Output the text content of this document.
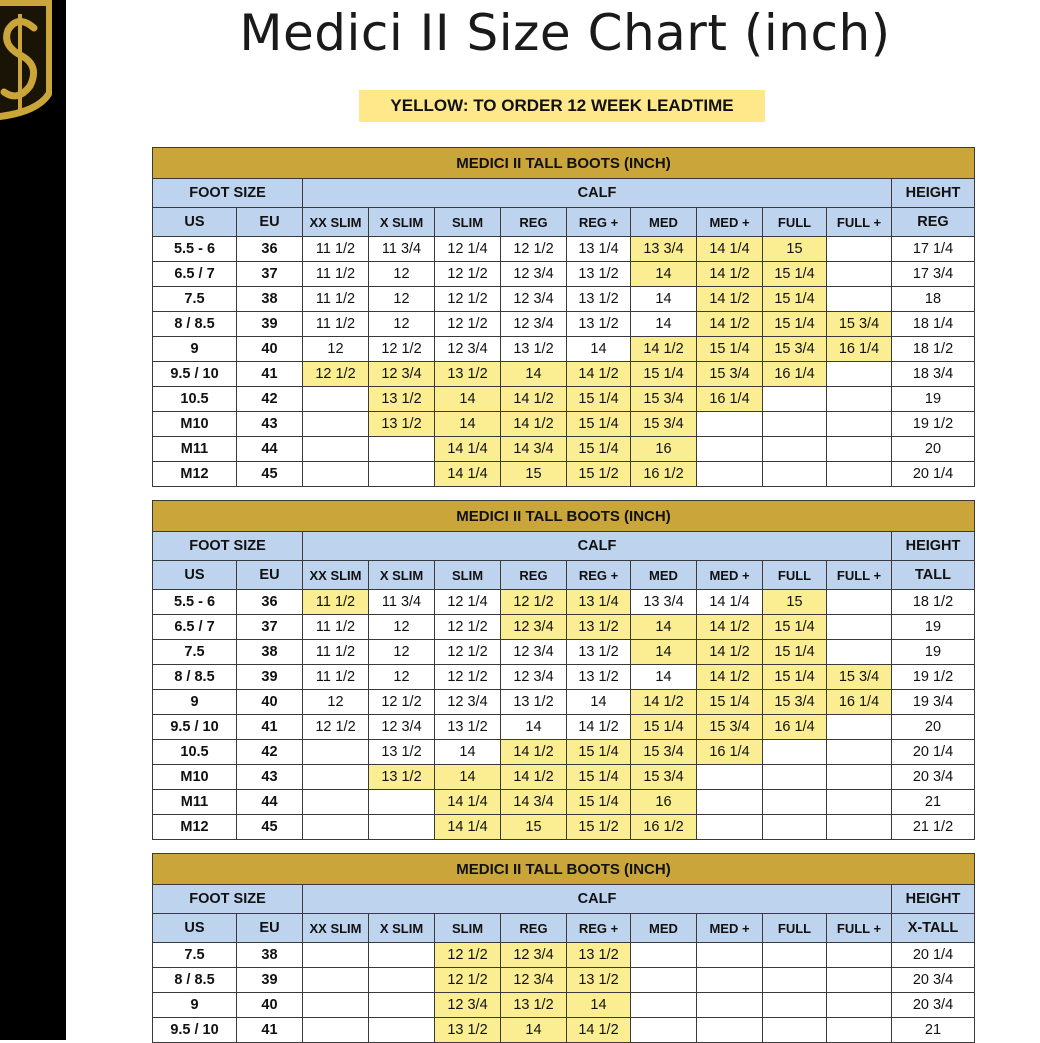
Medici II Size Chart (inch)
YELLOW: TO ORDER 12 WEEK LEADTIME
MEDICI II TALL BOOTS (INCH)											
FOOT SIZE		CALF									HEIGHT
US	EU	XX SLIM	X SLIM	SLIM	REG	REG +	MED	MED +	FULL	FULL +	REG
5.5 - 6	36	11 1/2	11 3/4	12 1/4	12 1/2	13 1/4	13 3/4	14 1/4	15		17 1/4
6.5 / 7	37	11 1/2	12	12 1/2	12 3/4	13 1/2	14	14 1/2	15 1/4		17 3/4
7.5	38	11 1/2	12	12 1/2	12 3/4	13 1/2	14	14 1/2	15 1/4		18
8 / 8.5	39	11 1/2	12	12 1/2	12 3/4	13 1/2	14	14 1/2	15 1/4	15 3/4	18 1/4
9	40	12	12 1/2	12 3/4	13 1/2	14	14 1/2	15 1/4	15 3/4	16 1/4	18 1/2
9.5 / 10	41	12 1/2	12 3/4	13 1/2	14	14 1/2	15 1/4	15 3/4	16 1/4		18 3/4
10.5	42		13 1/2	14	14 1/2	15 1/4	15 3/4	16 1/4			19
M10	43		13 1/2	14	14 1/2	15 1/4	15 3/4				19 1/2
M11	44			14 1/4	14 3/4	15 1/4	16				20
M12	45			14 1/4	15	15 1/2	16 1/2				20 1/4
MEDICI II TALL BOOTS (INCH)											
FOOT SIZE		CALF									HEIGHT
US	EU	XX SLIM	X SLIM	SLIM	REG	REG +	MED	MED +	FULL	FULL +	TALL
5.5 - 6	36	11 1/2	11 3/4	12 1/4	12 1/2	13 1/4	13 3/4	14 1/4	15		18 1/2
6.5 / 7	37	11 1/2	12	12 1/2	12 3/4	13 1/2	14	14 1/2	15 1/4		19
7.5	38	11 1/2	12	12 1/2	12 3/4	13 1/2	14	14 1/2	15 1/4		19
8 / 8.5	39	11 1/2	12	12 1/2	12 3/4	13 1/2	14	14 1/2	15 1/4	15 3/4	19 1/2
9	40	12	12 1/2	12 3/4	13 1/2	14	14 1/2	15 1/4	15 3/4	16 1/4	19 3/4
9.5 / 10	41	12 1/2	12 3/4	13 1/2	14	14 1/2	15 1/4	15 3/4	16 1/4		20
10.5	42		13 1/2	14	14 1/2	15 1/4	15 3/4	16 1/4			20 1/4
M10	43		13 1/2	14	14 1/2	15 1/4	15 3/4				20 3/4
M11	44			14 1/4	14 3/4	15 1/4	16				21
M12	45			14 1/4	15	15 1/2	16 1/2				21 1/2
MEDICI II TALL BOOTS (INCH)											
FOOT SIZE		CALF									HEIGHT
US	EU	XX SLIM	X SLIM	SLIM	REG	REG +	MED	MED +	FULL	FULL +	X-TALL
7.5	38			12 1/2	12 3/4	13 1/2					20 1/4
8 / 8.5	39			12 1/2	12 3/4	13 1/2					20 3/4
9	40			12 3/4	13 1/2	14					20 3/4
9.5 / 10	41			13 1/2	14	14 1/2					21
